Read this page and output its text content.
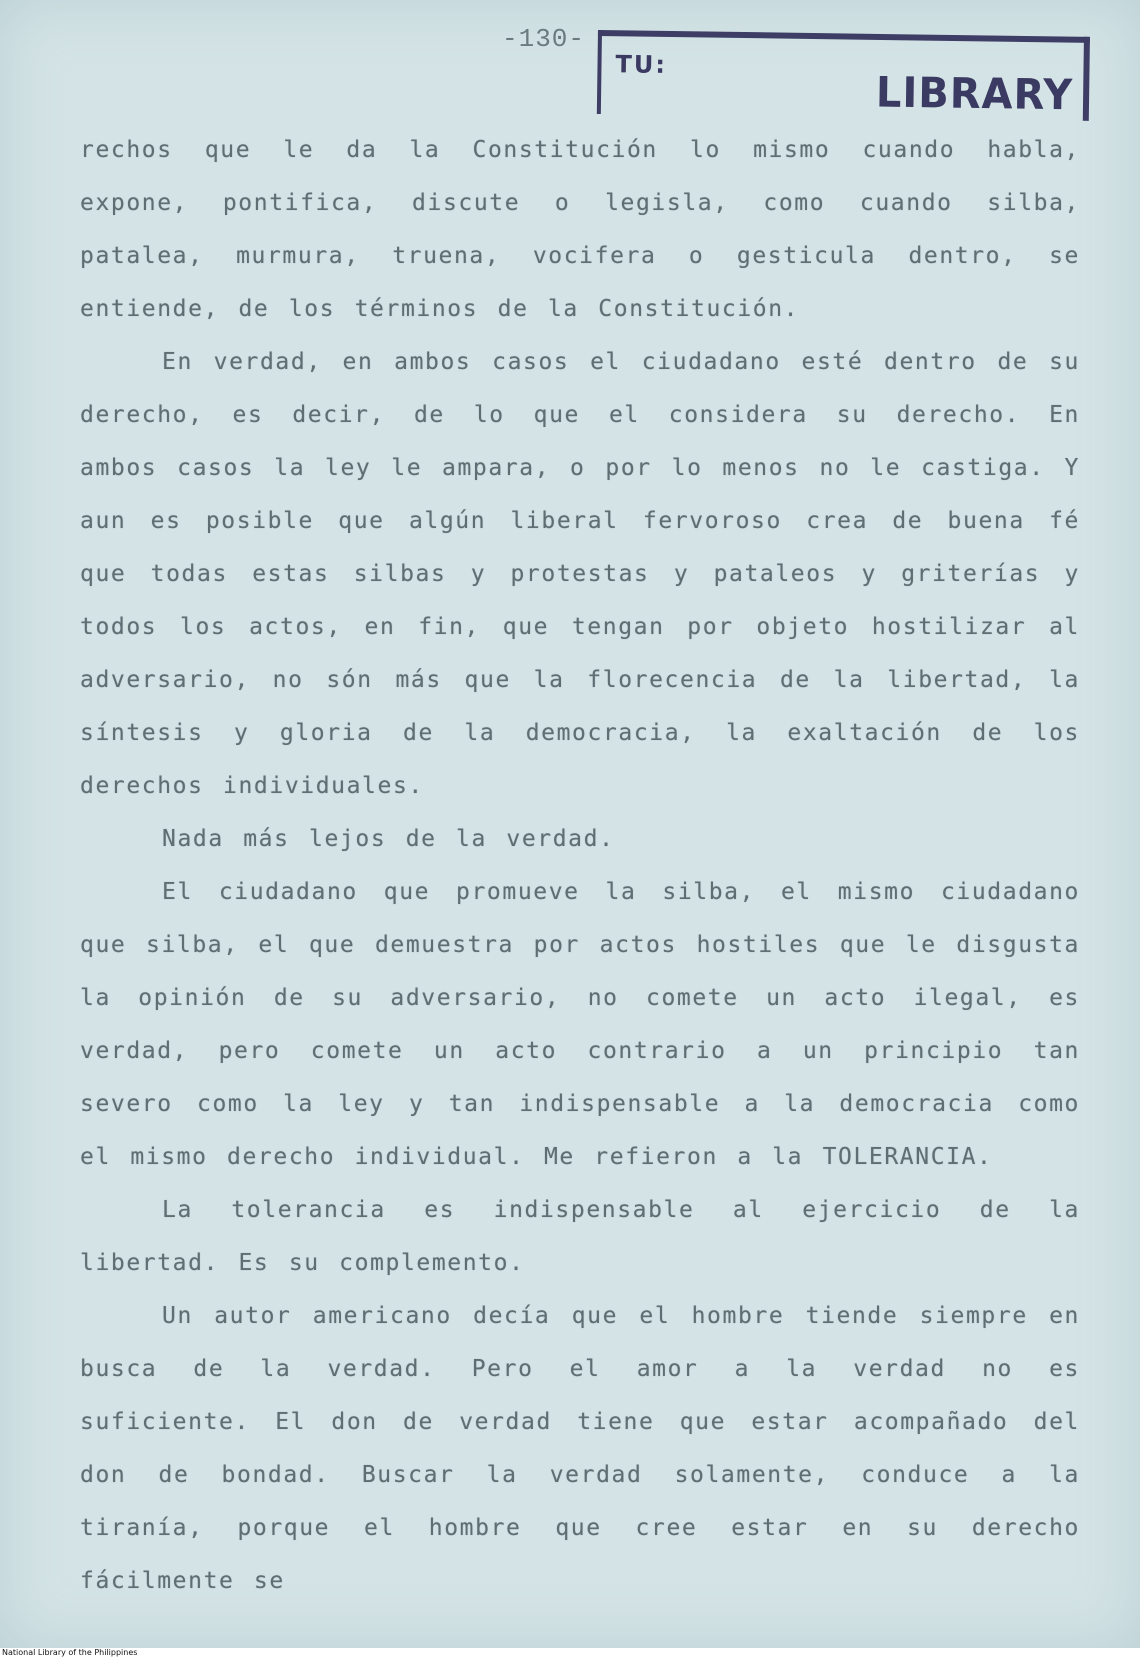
-130-
TU:
LIBRARY

rechos que le da la Constitución lo mismo cuando habla, expone, pontifica, discute o legisla, como cuando silba, patalea, murmura, truena, vocifera o gesticula dentro, se entiende, de los términos de la Constitución.

En verdad, en ambos casos el ciudadano esté dentro de su derecho, es decir, de lo que el considera su derecho. En ambos casos la ley le ampara, o por lo menos no le castiga. Y aun es posible que algún liberal fervoroso crea de buena fé que todas estas silbas y protestas y pataleos y griterías y todos los actos, en fin, que tengan por objeto hostilizar al adversario, no són más que la florecencia de la libertad, la síntesis y gloria de la democracia, la exaltación de los derechos individuales.

Nada más lejos de la verdad.

El ciudadano que promueve la silba, el mismo ciudadano que silba, el que demuestra por actos hostiles que le disgusta la opinión de su adversario, no comete un acto ilegal, es verdad, pero comete un acto contrario a un principio tan severo como la ley y tan indispensable a la democracia como el mismo derecho individual. Me refieron a la TOLERANCIA.

La tolerancia es indispensable al ejercicio de la libertad. Es su complemento.

Un autor americano decía que el hombre tiende siempre en busca de la verdad. Pero el amor a la verdad no es suficiente. El don de verdad tiene que estar acompañado del don de bondad. Buscar la verdad solamente, conduce a la tiranía, porque el hombre que cree estar en su derecho fácilmente se

National Library of the Philippines
